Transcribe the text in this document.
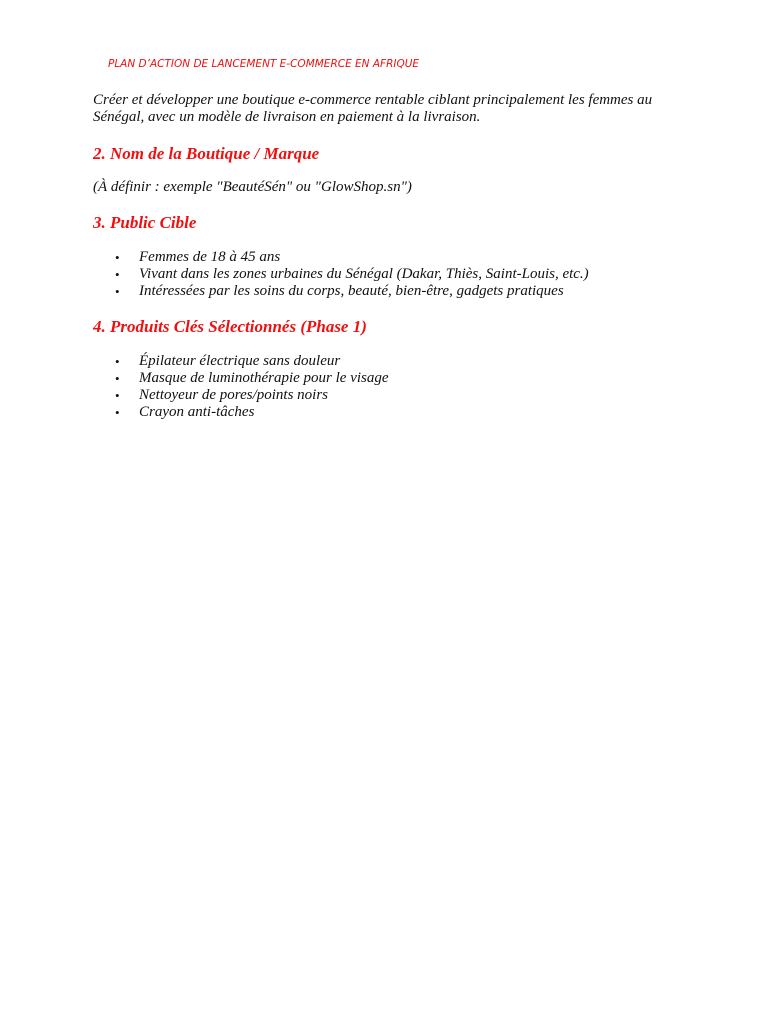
PLAN D’ACTION DE LANCEMENT E-COMMERCE EN AFRIQUE

Créer et développer une boutique e-commerce rentable ciblant principalement les femmes au
Sénégal, avec un modèle de livraison en paiement à la livraison.

2. Nom de la Boutique / Marque

(À définir : exemple "BeautéSén" ou "GlowShop.sn")

3. Public Cible
• Femmes de 18 à 45 ans
• Vivant dans les zones urbaines du Sénégal (Dakar, Thiès, Saint-Louis, etc.)
• Intéressées par les soins du corps, beauté, bien-être, gadgets pratiques
4. Produits Clés Sélectionnés (Phase 1)
• Épilateur électrique sans douleur
• Masque de luminothérapie pour le visage
• Nettoyeur de pores/points noirs
• Crayon anti-tâches
